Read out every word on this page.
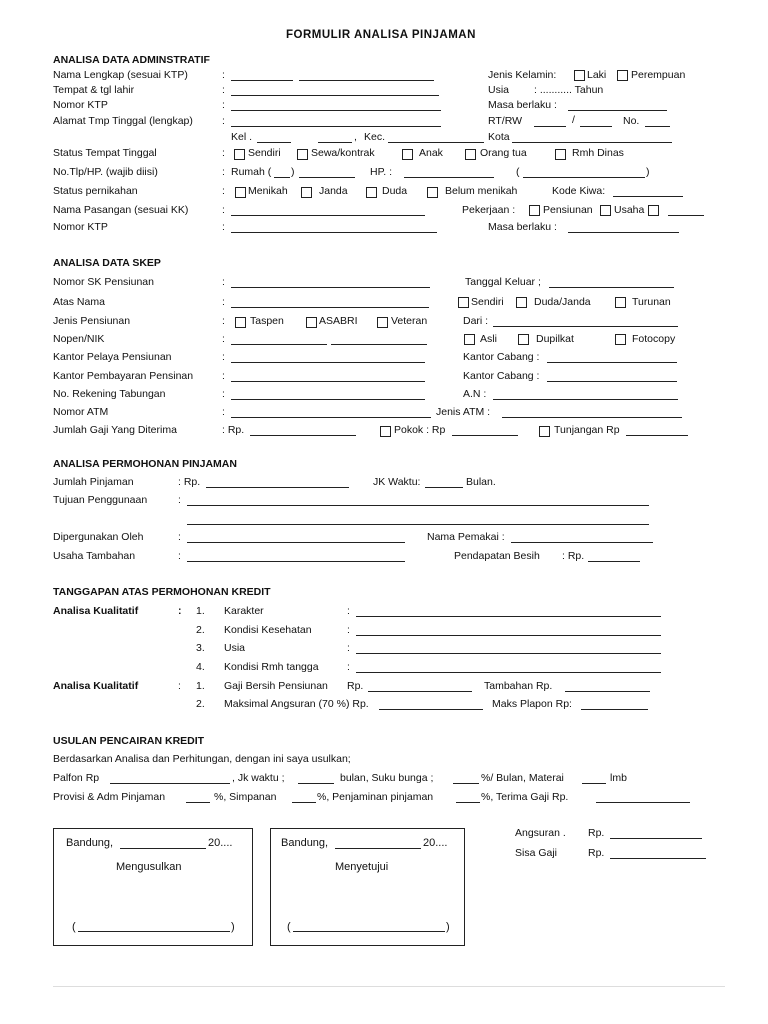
FORMULIR ANALISA PINJAMAN
ANALISA DATA ADMINSTRATIF
Nama Lengkap (sesuai KTP)	:	Jenis Kelamin:	Laki Perempuan
Tempat & tgl lahir	:	Usia : ........... Tahun
Nomor KTP	:	Masa berlaku :
Alamat Tmp Tinggal (lengkap)	:	RT/RW	/	No.
Kel .	, Kec.	Kota
Status Tempat Tinggal	: Sendiri	Sewa/kontrak	Anak	Orang tua	Rmh Dinas
No.Tlp/HP. (wajib diisi)	: Rumah ( )	HP. :	(	)
Status pernikahan	: Menikah	Janda	Duda	Belum menikah	Kode Kiwa:
Nama Pasangan (sesuai KK)	:	Pekerjaan :	Pensiunan Usaha
Nomor KTP	:	Masa berlaku :
ANALISA DATA SKEP
Nomor SK Pensiunan	:	Tanggal Keluar ;
Atas Nama	:	Sendiri	Duda/Janda	Turunan
Jenis Pensiunan	: Taspen	ASABRI	Veteran	Dari :
Nopen/NIK	:	Asli	Dupilkat	Fotocopy
Kantor Pelaya Pensiunan	:	Kantor Cabang :
Kantor Pembayaran Pensinan	:	Kantor Cabang :
No. Rekening Tabungan	:	A.N :
Nomor ATM	:	Jenis ATM :
Jumlah Gaji Yang Diterima	: Rp.	Pokok : Rp	Tunjangan Rp
ANALISA PERMOHONAN PINJAMAN
Jumlah Pinjaman	: Rp.	JK Waktu:	Bulan.
Tujuan Penggunaan	:
Dipergunakan Oleh	:	Nama Pemakai :
Usaha Tambahan	:	Pendapatan Besih : Rp.
TANGGAPAN ATAS PERMOHONAN KREDIT
Analisa Kualitatif	: 1. Karakter	:
2. Kondisi Kesehatan	:
3. Usia	:
4. Kondisi Rmh tangga	:
Analisa Kualitatif	: 1. Gaji Bersih Pensiunan Rp.	Tambahan Rp.
2. Maksimal Angsuran (70 %) Rp.	Maks Plapon Rp:
USULAN PENCAIRAN KREDIT
Berdasarkan Analisa dan Perhitungan, dengan ini saya usulkan;
Palfon Rp	, Jk waktu ;	bulan, Suku bunga ;	%/ Bulan, Materai	lmb
Provisi & Adm Pinjaman	%, Simpanan	%, Penjaminan pinjaman	%, Terima Gaji Rp.
Bandung,	20....
Mengusulkan
(	)
Bandung,	20....
Menyetujui
(	)
Angsuran . Rp.
Sisa Gaji	Rp.
